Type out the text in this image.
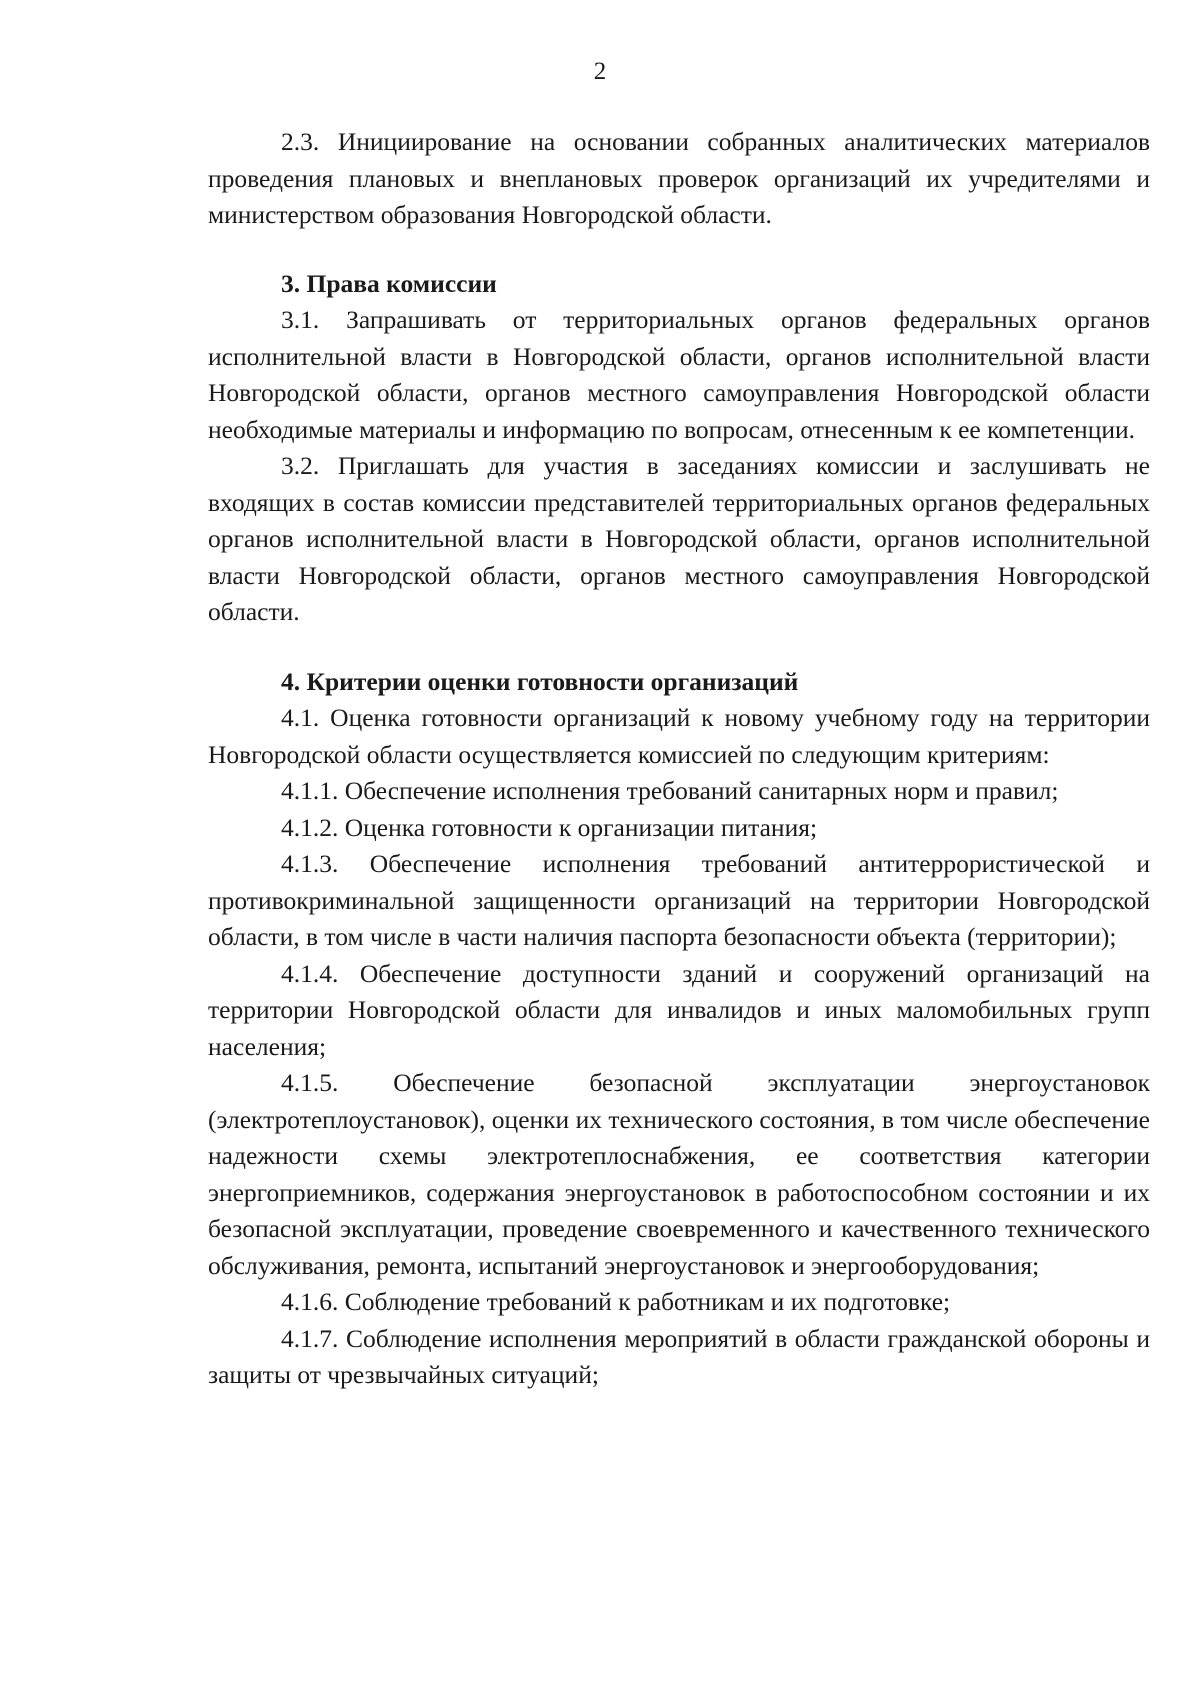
2

2.3. Инициирование на основании собранных аналитических материалов проведения плановых и внеплановых проверок организаций их учредителями и министерством образования Новгородской области.

3. Права комиссии

3.1. Запрашивать от территориальных органов федеральных органов исполнительной власти в Новгородской области, органов исполнительной власти Новгородской области, органов местного самоуправления Новгородской области необходимые материалы и информацию по вопросам, отнесенным к ее компетенции.

3.2. Приглашать для участия в заседаниях комиссии и заслушивать не входящих в состав комиссии представителей территориальных органов федеральных органов исполнительной власти в Новгородской области, органов исполнительной власти Новгородской области, органов местного самоуправления Новгородской области.

4. Критерии оценки готовности организаций

4.1. Оценка готовности организаций к новому учебному году на территории Новгородской области осуществляется комиссией по следующим критериям:

4.1.1. Обеспечение исполнения требований санитарных норм и правил;

4.1.2. Оценка готовности к организации питания;

4.1.3. Обеспечение исполнения требований антитеррористической и противокриминальной защищенности организаций на территории Новгородской области, в том числе в части наличия паспорта безопасности объекта (территории);

4.1.4. Обеспечение доступности зданий и сооружений организаций на территории Новгородской области для инвалидов и иных маломобильных групп населения;

4.1.5. Обеспечение безопасной эксплуатации энергоустановок (электротеплоустановок), оценки их технического состояния, в том числе обеспечение надежности схемы электротеплоснабжения, ее соответствия категории энергоприемников, содержания энергоустановок в работоспособном состоянии и их безопасной эксплуатации, проведение своевременного и качественного технического обслуживания, ремонта, испытаний энергоустановок и энергооборудования;

4.1.6. Соблюдение требований к работникам и их подготовке;

4.1.7. Соблюдение исполнения мероприятий в области гражданской обороны и защиты от чрезвычайных ситуаций;
